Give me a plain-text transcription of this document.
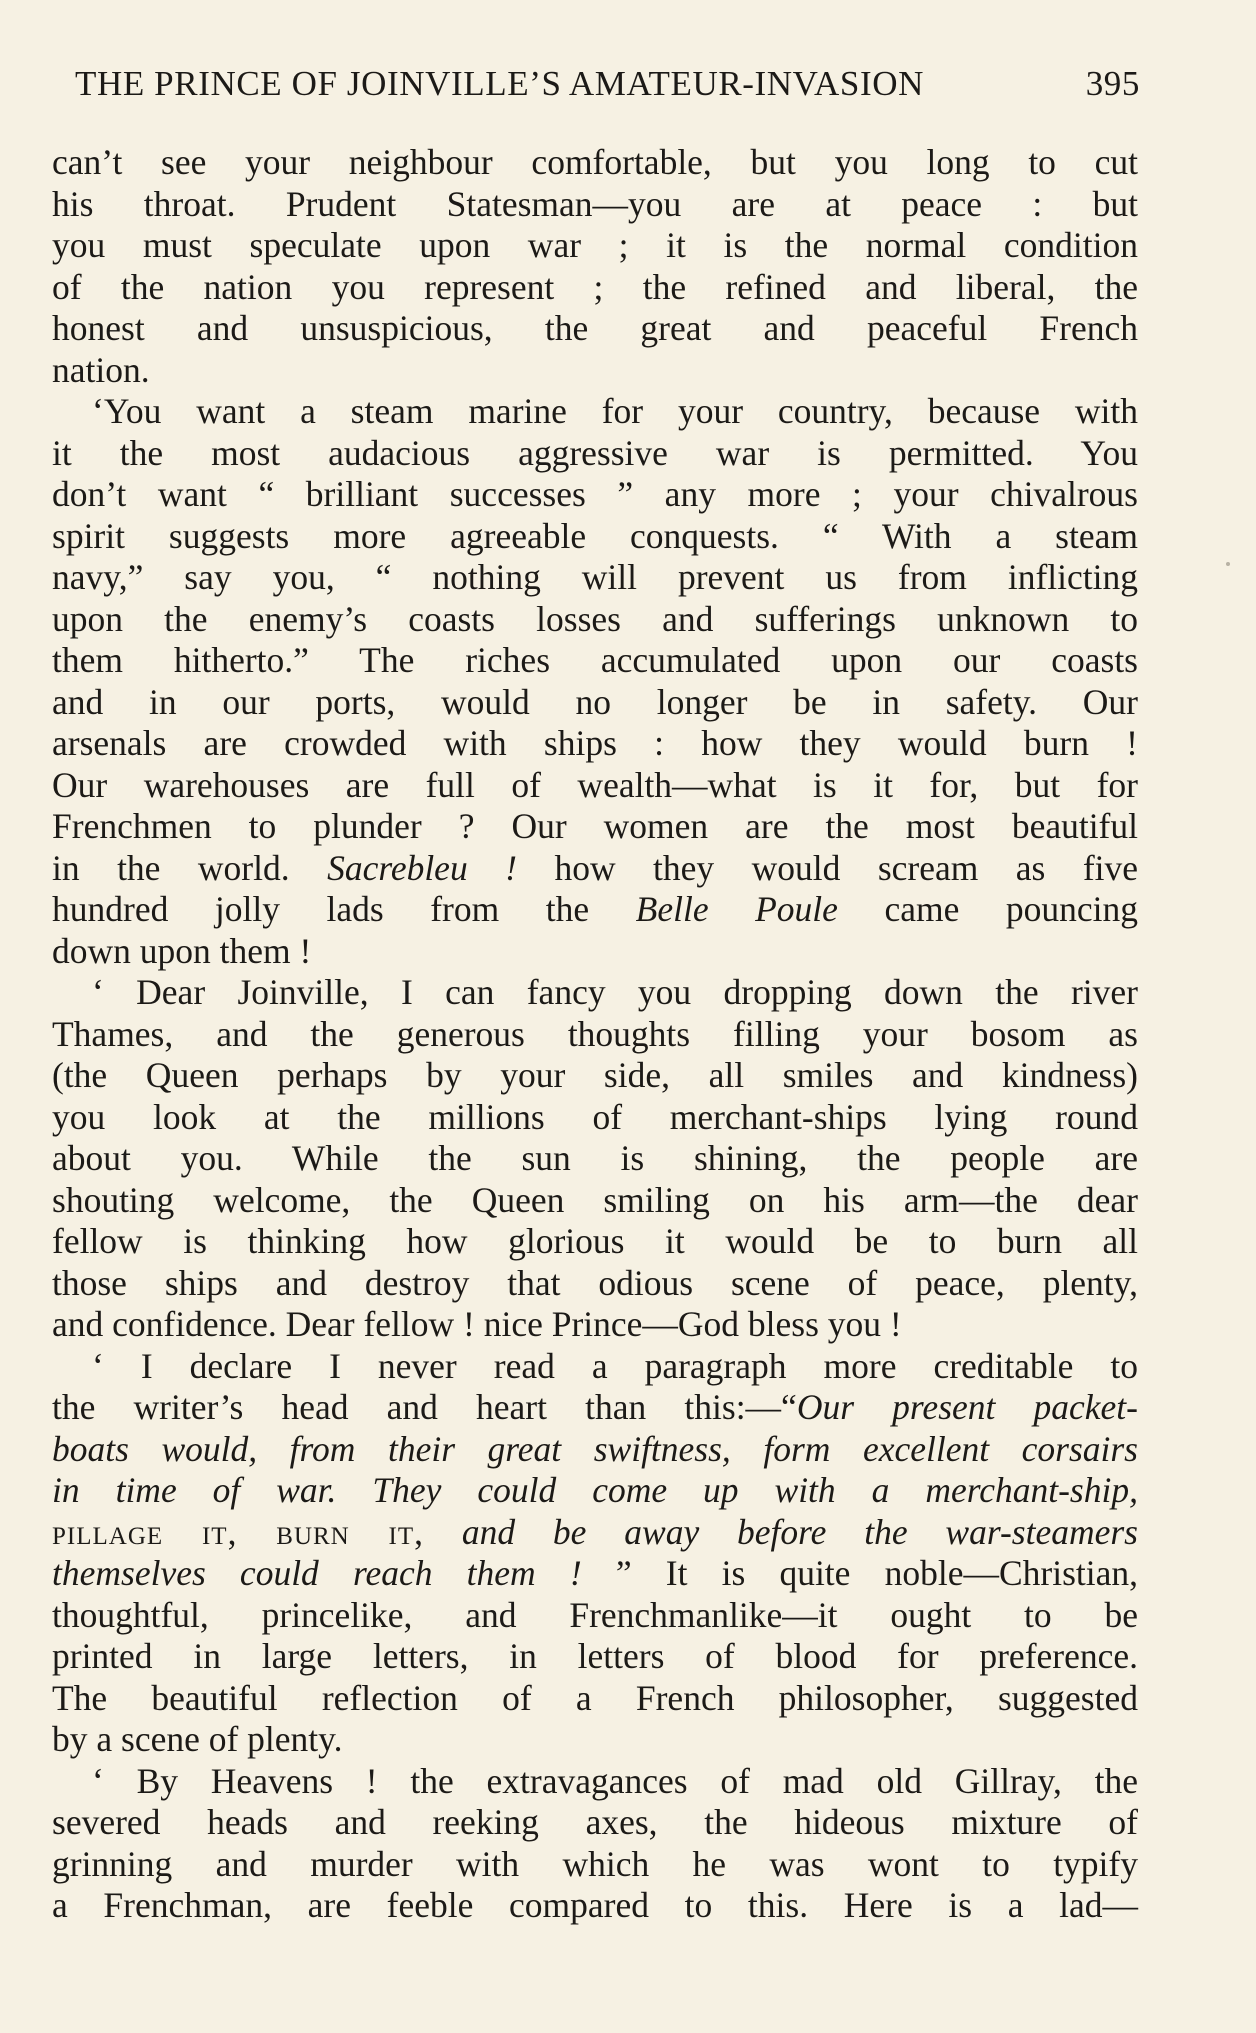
THE PRINCE OF JOINVILLE’S AMATEUR-INVASION	395
can’t see your neighbour comfortable, but you long to cut
his throat. Prudent Statesman—you are at peace : but
you must speculate upon war ; it is the normal condition
of the nation you represent ; the refined and liberal, the
honest and unsuspicious, the great and peaceful French
nation.
‘You want a steam marine for your country, because with
it the most audacious aggressive war is permitted. You
don’t want “ brilliant successes ” any more ; your chivalrous
spirit suggests more agreeable conquests. “ With a steam
navy,” say you, “ nothing will prevent us from inflicting
upon the enemy’s coasts losses and sufferings unknown to
them hitherto.” The riches accumulated upon our coasts
and in our ports, would no longer be in safety. Our
arsenals are crowded with ships : how they would burn !
Our warehouses are full of wealth—what is it for, but for
Frenchmen to plunder ? Our women are the most beautiful
in the world. Sacrebleu ! how they would scream as five
hundred jolly lads from the Belle Poule came pouncing
down upon them !
‘ Dear Joinville, I can fancy you dropping down the river
Thames, and the generous thoughts filling your bosom as
(the Queen perhaps by your side, all smiles and kindness)
you look at the millions of merchant-ships lying round
about you. While the sun is shining, the people are
shouting welcome, the Queen smiling on his arm—the dear
fellow is thinking how glorious it would be to burn all
those ships and destroy that odious scene of peace, plenty,
and confidence. Dear fellow ! nice Prince—God bless you !
‘ I declare I never read a paragraph more creditable to
the writer’s head and heart than this:—“Our present packet-
boats would, from their great swiftness, form excellent corsairs
in time of war. They could come up with a merchant-ship,
pillage it, burn it, and be away before the war-steamers
themselves could reach them ! ” It is quite noble—Christian,
thoughtful, princelike, and Frenchmanlike—it ought to be
printed in large letters, in letters of blood for preference.
The beautiful reflection of a French philosopher, suggested
by a scene of plenty.
‘ By Heavens ! the extravagances of mad old Gillray, the
severed heads and reeking axes, the hideous mixture of
grinning and murder with which he was wont to typify
a Frenchman, are feeble compared to this. Here is a lad—
